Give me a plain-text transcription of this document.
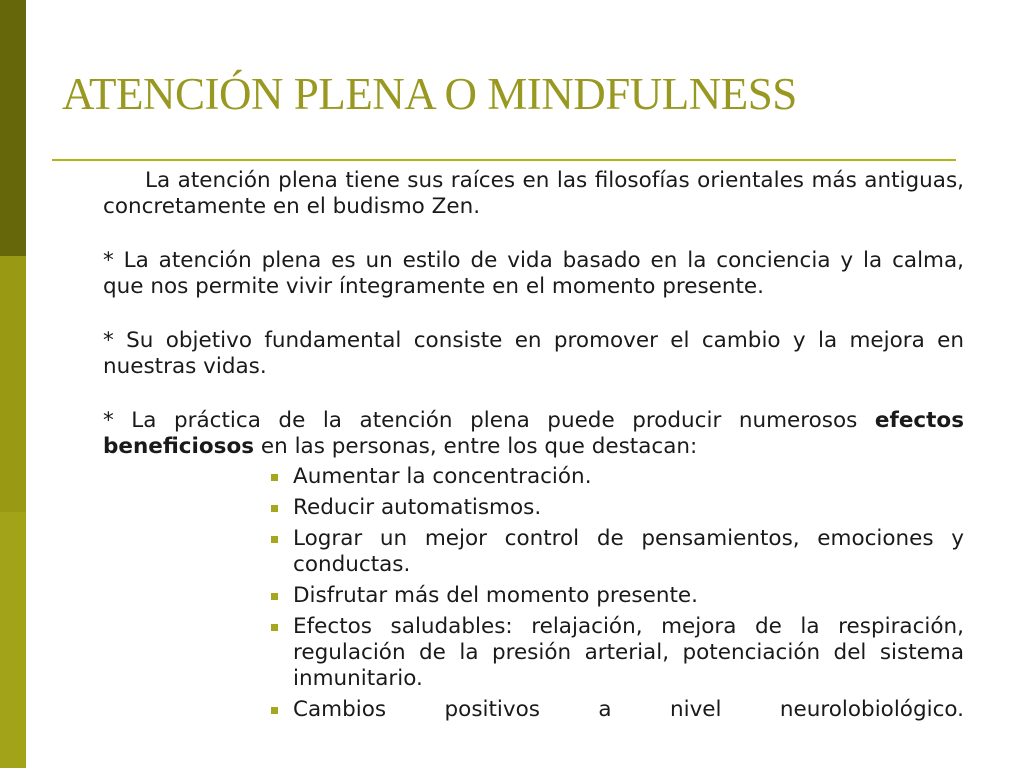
ATENCIÓN PLENA O MINDFULNESS

La atención plena tiene sus raíces en las filosofías orientales más antiguas, concretamente en el budismo Zen.

* La atención plena es un estilo de vida basado en la conciencia y la calma, que nos permite vivir íntegramente en el momento presente.

* Su objetivo fundamental consiste en promover el cambio y la mejora en nuestras vidas.

* La práctica de la atención plena puede producir numerosos efectos beneficiosos en las personas, entre los que destacan:

Aumentar la concentración.
Reducir automatismos.
Lograr un mejor control de pensamientos, emociones y conductas.
Disfrutar más del momento presente.
Efectos saludables: relajación, mejora de la respiración, regulación de la presión arterial, potenciación del sistema inmunitario.
Cambios positivos a nivel neurolobiológico.
